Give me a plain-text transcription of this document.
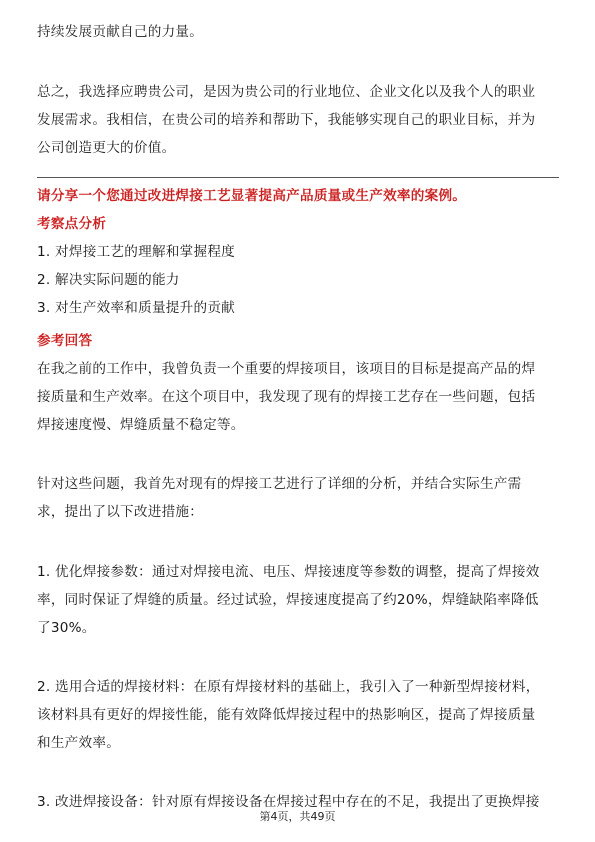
持续发展贡献自己的力量。
总之，我选择应聘贵公司，是因为贵公司的行业地位、企业文化以及我个人的职业
发展需求。我相信，在贵公司的培养和帮助下，我能够实现自己的职业目标，并为
公司创造更大的价值。
请分享一个您通过改进焊接工艺显著提高产品质量或生产效率的案例。
考察点分析
1. 对焊接工艺的理解和掌握程度
2. 解决实际问题的能力
3. 对生产效率和质量提升的贡献
参考回答
在我之前的工作中，我曾负责一个重要的焊接项目，该项目的目标是提高产品的焊
接质量和生产效率。在这个项目中，我发现了现有的焊接工艺存在一些问题，包括
焊接速度慢、焊缝质量不稳定等。
针对这些问题，我首先对现有的焊接工艺进行了详细的分析，并结合实际生产需
求，提出了以下改进措施：
1. 优化焊接参数：通过对焊接电流、电压、焊接速度等参数的调整，提高了焊接效
率，同时保证了焊缝的质量。经过试验，焊接速度提高了约20%，焊缝缺陷率降低
了30%。
2. 选用合适的焊接材料：在原有焊接材料的基础上，我引入了一种新型焊接材料，
该材料具有更好的焊接性能，能有效降低焊接过程中的热影响区，提高了焊接质量
和生产效率。
3. 改进焊接设备：针对原有焊接设备在焊接过程中存在的不足，我提出了更换焊接
第4页，共49页
